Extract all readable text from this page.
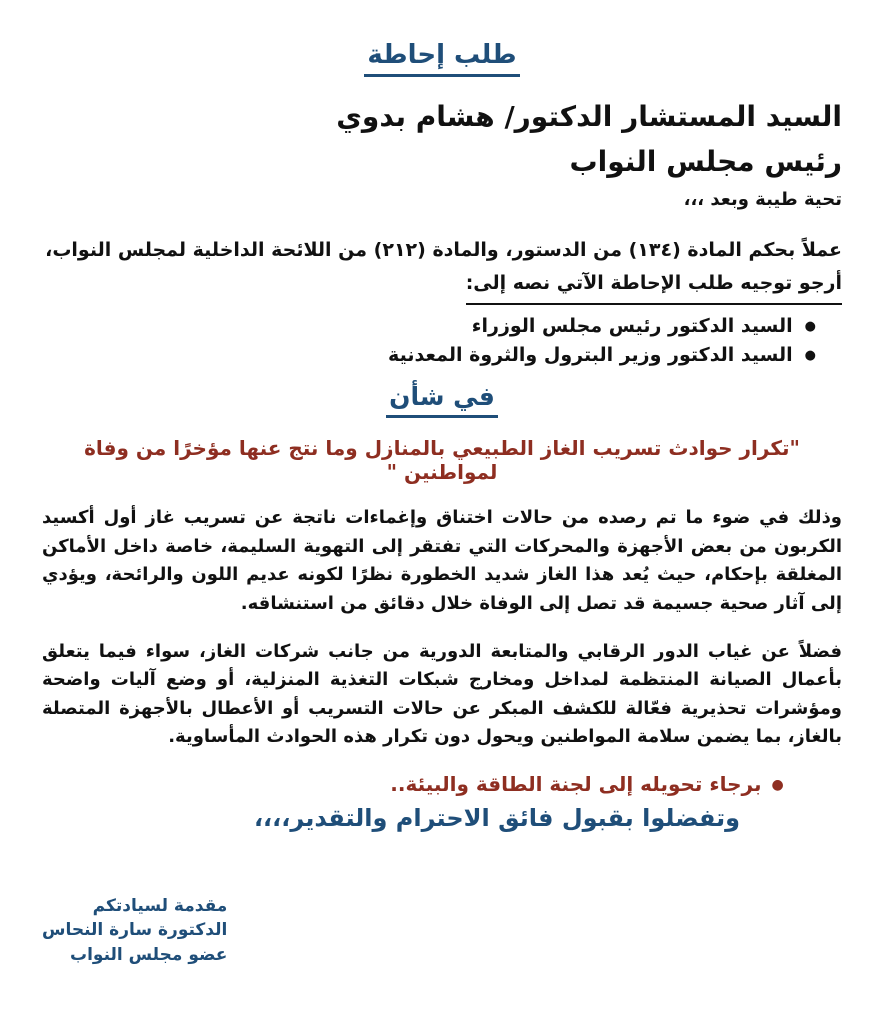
طلب إحاطة
السيد المستشار الدكتور/ هشام بدوي
رئيس مجلس النواب
تحية طيبة وبعد ،،،

عملاً بحكم المادة (١٣٤) من الدستور، والمادة (٢١٢) من اللائحة الداخلية لمجلس النواب،
أرجو توجيه طلب الإحاطة الآتي نصه إلى:

●السيد الدكتور رئيس مجلس الوزراء
●السيد الدكتور وزير البترول والثروة المعدنية
في شأن
"تكرار حوادث تسريب الغاز الطبيعي بالمنازل وما نتج عنها مؤخرًا من وفاة لمواطنين "

وذلك في ضوء ما تم رصده من حالات اختناق وإغماءات ناتجة عن تسريب غاز أول أكسيد الكربون من بعض الأجهزة والمحركات التي تفتقر إلى التهوية السليمة، خاصة داخل الأماكن المغلقة بإحكام، حيث يُعد هذا الغاز شديد الخطورة نظرًا لكونه عديم اللون والرائحة، ويؤدي إلى آثار صحية جسيمة قد تصل إلى الوفاة خلال دقائق من استنشاقه.

فضلاً عن غياب الدور الرقابي والمتابعة الدورية من جانب شركات الغاز، سواء فيما يتعلق بأعمال الصيانة المنتظمة لمداخل ومخارج شبكات التغذية المنزلية، أو وضع آليات واضحة ومؤشرات تحذيرية فعّالة للكشف المبكر عن حالات التسريب أو الأعطال بالأجهزة المتصلة بالغاز، بما يضمن سلامة المواطنين ويحول دون تكرار هذه الحوادث المأساوية.

●برجاء تحويله إلى لجنة الطاقة والبيئة..
وتفضلوا بقبول فائق الاحترام والتقدير،،،،
مقدمة لسيادتكم
الدكتورة سارة النحاس
عضو مجلس النواب
